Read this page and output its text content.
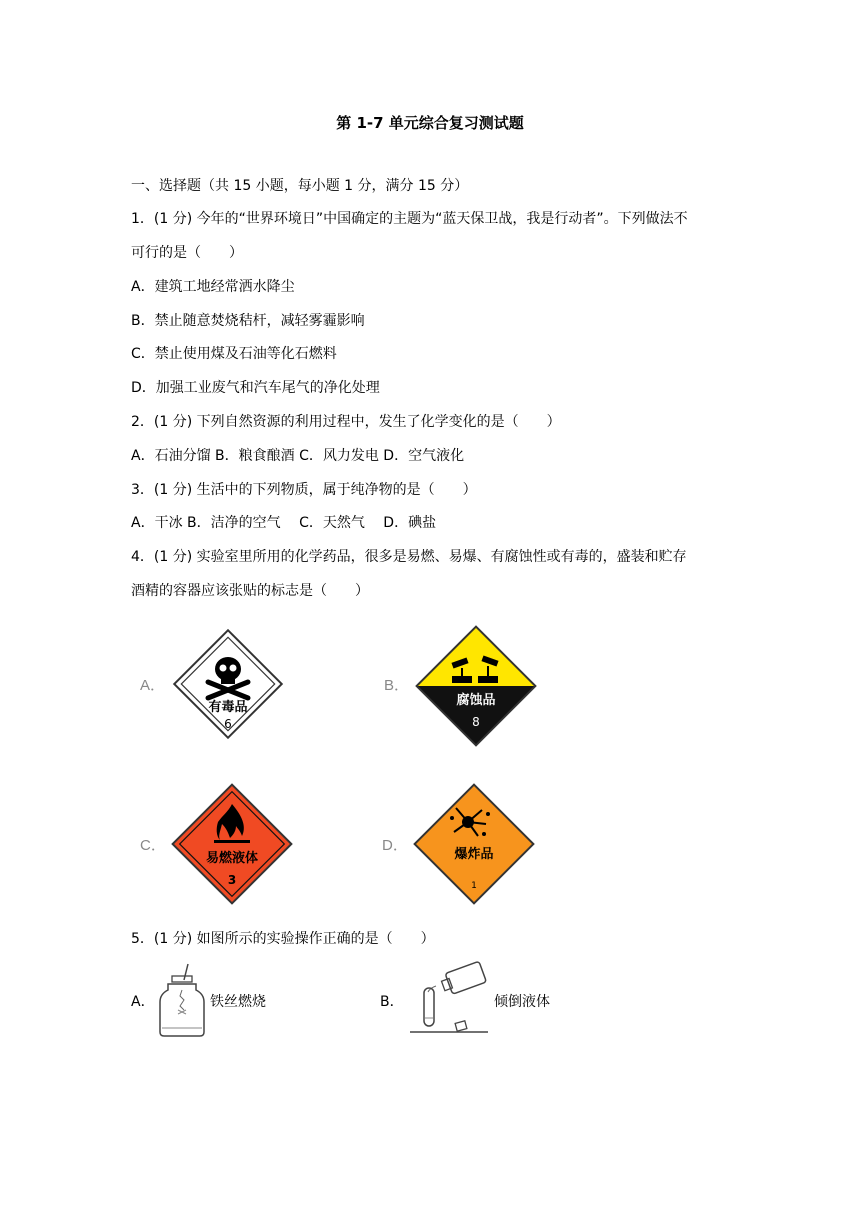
第 1-7 单元综合复习测试题
一、选择题（共 15 小题，每小题 1 分，满分 15 分）
1．(1 分) 今年的“世界环境日”中国确定的主题为“蓝天保卫战，我是行动者”。下列做法不
可行的是（　　）
A．建筑工地经常洒水降尘
B．禁止随意焚烧秸杆，减轻雾霾影响
C．禁止使用煤及石油等化石燃料
D．加强工业废气和汽车尾气的净化处理
2．(1 分) 下列自然资源的利用过程中，发生了化学变化的是（　　）
A．石油分馏 B．粮食酿酒 C．风力发电 D．空气液化
3．(1 分) 生活中的下列物质，属于纯净物的是（　　）
A．干冰 B．洁净的空气　 C．天然气　 D．碘盐
4．(1 分) 实验室里所用的化学药品，很多是易燃、易爆、有腐蚀性或有毒的，盛装和贮存
酒精的容器应该张贴的标志是（　　）
A．
有毒品
6
B．
腐蚀品
8
C．
易燃液体
3
D．
爆炸品
1
5．(1 分) 如图所示的实验操作正确的是（　　）
A．	铁丝燃烧	B．	倾倒液体
